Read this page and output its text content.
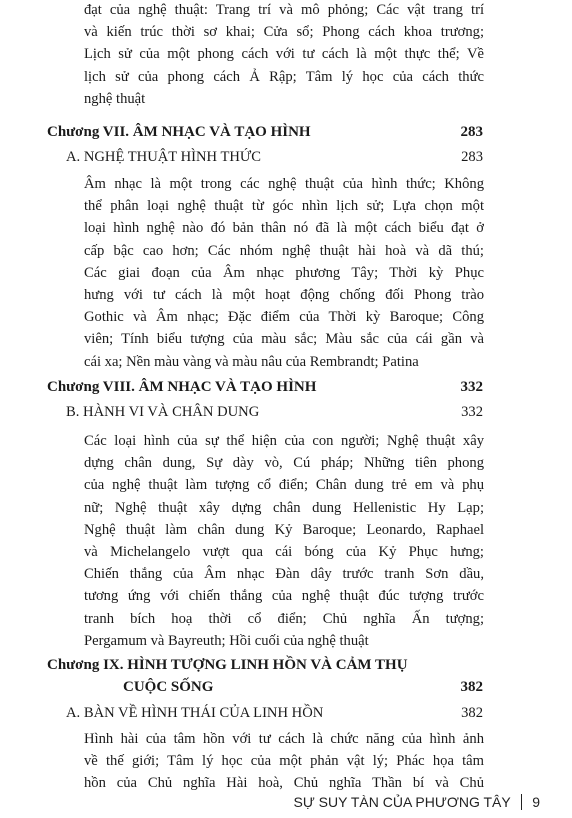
đạt của nghệ thuật: Trang trí và mô phỏng; Các vật trang trí
và kiến trúc thời sơ khai; Cửa sổ; Phong cách khoa trương;
Lịch sử của một phong cách với tư cách là một thực thể; Về
lịch sử của phong cách Ả Rập; Tâm lý học của cách thức
nghệ thuật
Chương VII. ÂM NHẠC VÀ TẠO HÌNH	283
A. NGHỆ THUẬT HÌNH THỨC	283
Âm nhạc là một trong các nghệ thuật của hình thức; Không
thể phân loại nghệ thuật từ góc nhìn lịch sử; Lựa chọn một
loại hình nghệ nào đó bản thân nó đã là một cách biểu đạt ở
cấp bậc cao hơn; Các nhóm nghệ thuật hài hoà và dã thú;
Các giai đoạn của Âm nhạc phương Tây; Thời kỳ Phục
hưng với tư cách là một hoạt động chống đối Phong trào
Gothic và Âm nhạc; Đặc điểm của Thời kỳ Baroque; Công
viên; Tính biểu tượng của màu sắc; Màu sắc của cái gần và
cái xa; Nền màu vàng và màu nâu của Rembrandt; Patina
Chương VIII. ÂM NHẠC VÀ TẠO HÌNH	332
B. HÀNH VI VÀ CHÂN DUNG	332
Các loại hình của sự thể hiện của con người; Nghệ thuật xây
dựng chân dung, Sự dày vò, Cú pháp; Những tiên phong
của nghệ thuật làm tượng cổ điển; Chân dung trẻ em và phụ
nữ; Nghệ thuật xây dựng chân dung Hellenistic Hy Lạp;
Nghệ thuật làm chân dung Kỷ Baroque; Leonardo, Raphael
và Michelangelo vượt qua cái bóng của Kỷ Phục hưng;
Chiến thắng của Âm nhạc Đàn dây trước tranh Sơn dầu,
tương ứng với chiến thắng của nghệ thuật đúc tượng trước
tranh bích hoạ thời cổ điển; Chủ nghĩa Ấn tượng;
Pergamum và Bayreuth; Hồi cuối của nghệ thuật
Chương IX. HÌNH TƯỢNG LINH HỒN VÀ CẢM THỤ
CUỘC SỐNG	382
A. BÀN VỀ HÌNH THÁI CỦA LINH HỒN	382
Hình hài của tâm hồn với tư cách là chức năng của hình ảnh
về thế giới; Tâm lý học của một phản vật lý; Phác họa tâm
hồn của Chủ nghĩa Hài hoà, Chủ nghĩa Thần bí và Chủ
SỰ SUY TÀN CỦA PHƯƠNG TÂY 9
